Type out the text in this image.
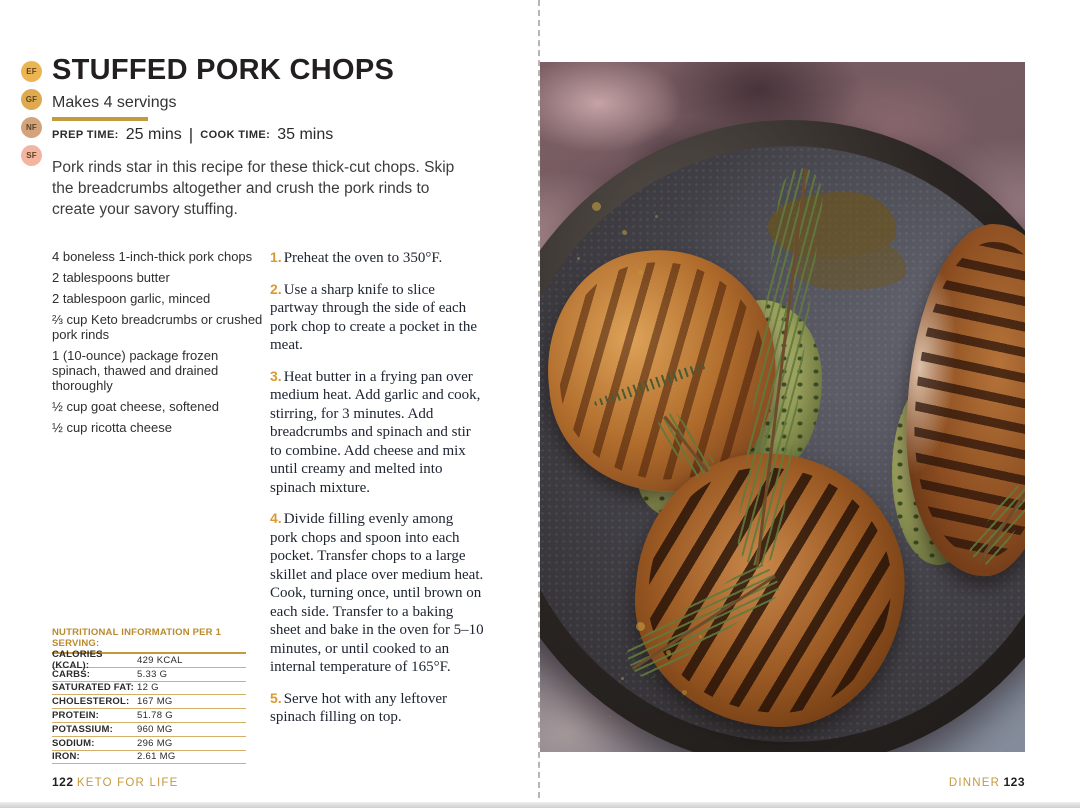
EF
GF
NF
SF
STUFFED PORK CHOPS
Makes 4 servings
PREP TIME: 25 mins | COOK TIME: 35 mins

Pork rinds star in this recipe for these thick-cut chops. Skip the breadcrumbs altogether and crush the pork rinds to create your savory stuffing.

4 boneless 1-inch-thick pork chops
2 tablespoons butter
2 tablespoon garlic, minced
⅔ cup Keto breadcrumbs or crushed pork rinds
1 (10-ounce) package frozen spinach, thawed and drained thoroughly
½ cup goat cheese, softened
½ cup ricotta cheese
1. Preheat the oven to 350°F.
2. Use a sharp knife to slice partway through the side of each pork chop to create a pocket in the meat.
3. Heat butter in a frying pan over medium heat. Add garlic and cook, stirring, for 3 minutes. Add breadcrumbs and spinach and stir to combine. Add cheese and mix until creamy and melted into spinach mixture.
4. Divide filling evenly among pork chops and spoon into each pocket. Transfer chops to a large skillet and place over medium heat. Cook, turning once, until brown on each side. Transfer to a baking sheet and bake in the oven for 5–10 minutes, or until cooked to an internal temperature of 165°F.
5. Serve hot with any leftover spinach filling on top.
NUTRITIONAL INFORMATION PER 1 SERVING:
CALORIES (KCAL):
429 KCAL
CARBS:	5.33 G
SATURATED FAT: 12 G
CHOLESTEROL: 167 MG
PROTEIN:	51.78 G
POTASSIUM:	960 MG
SODIUM:	296 MG
IRON:	2.61 MG
122 KETO FOR LIFE	DINNER 123
